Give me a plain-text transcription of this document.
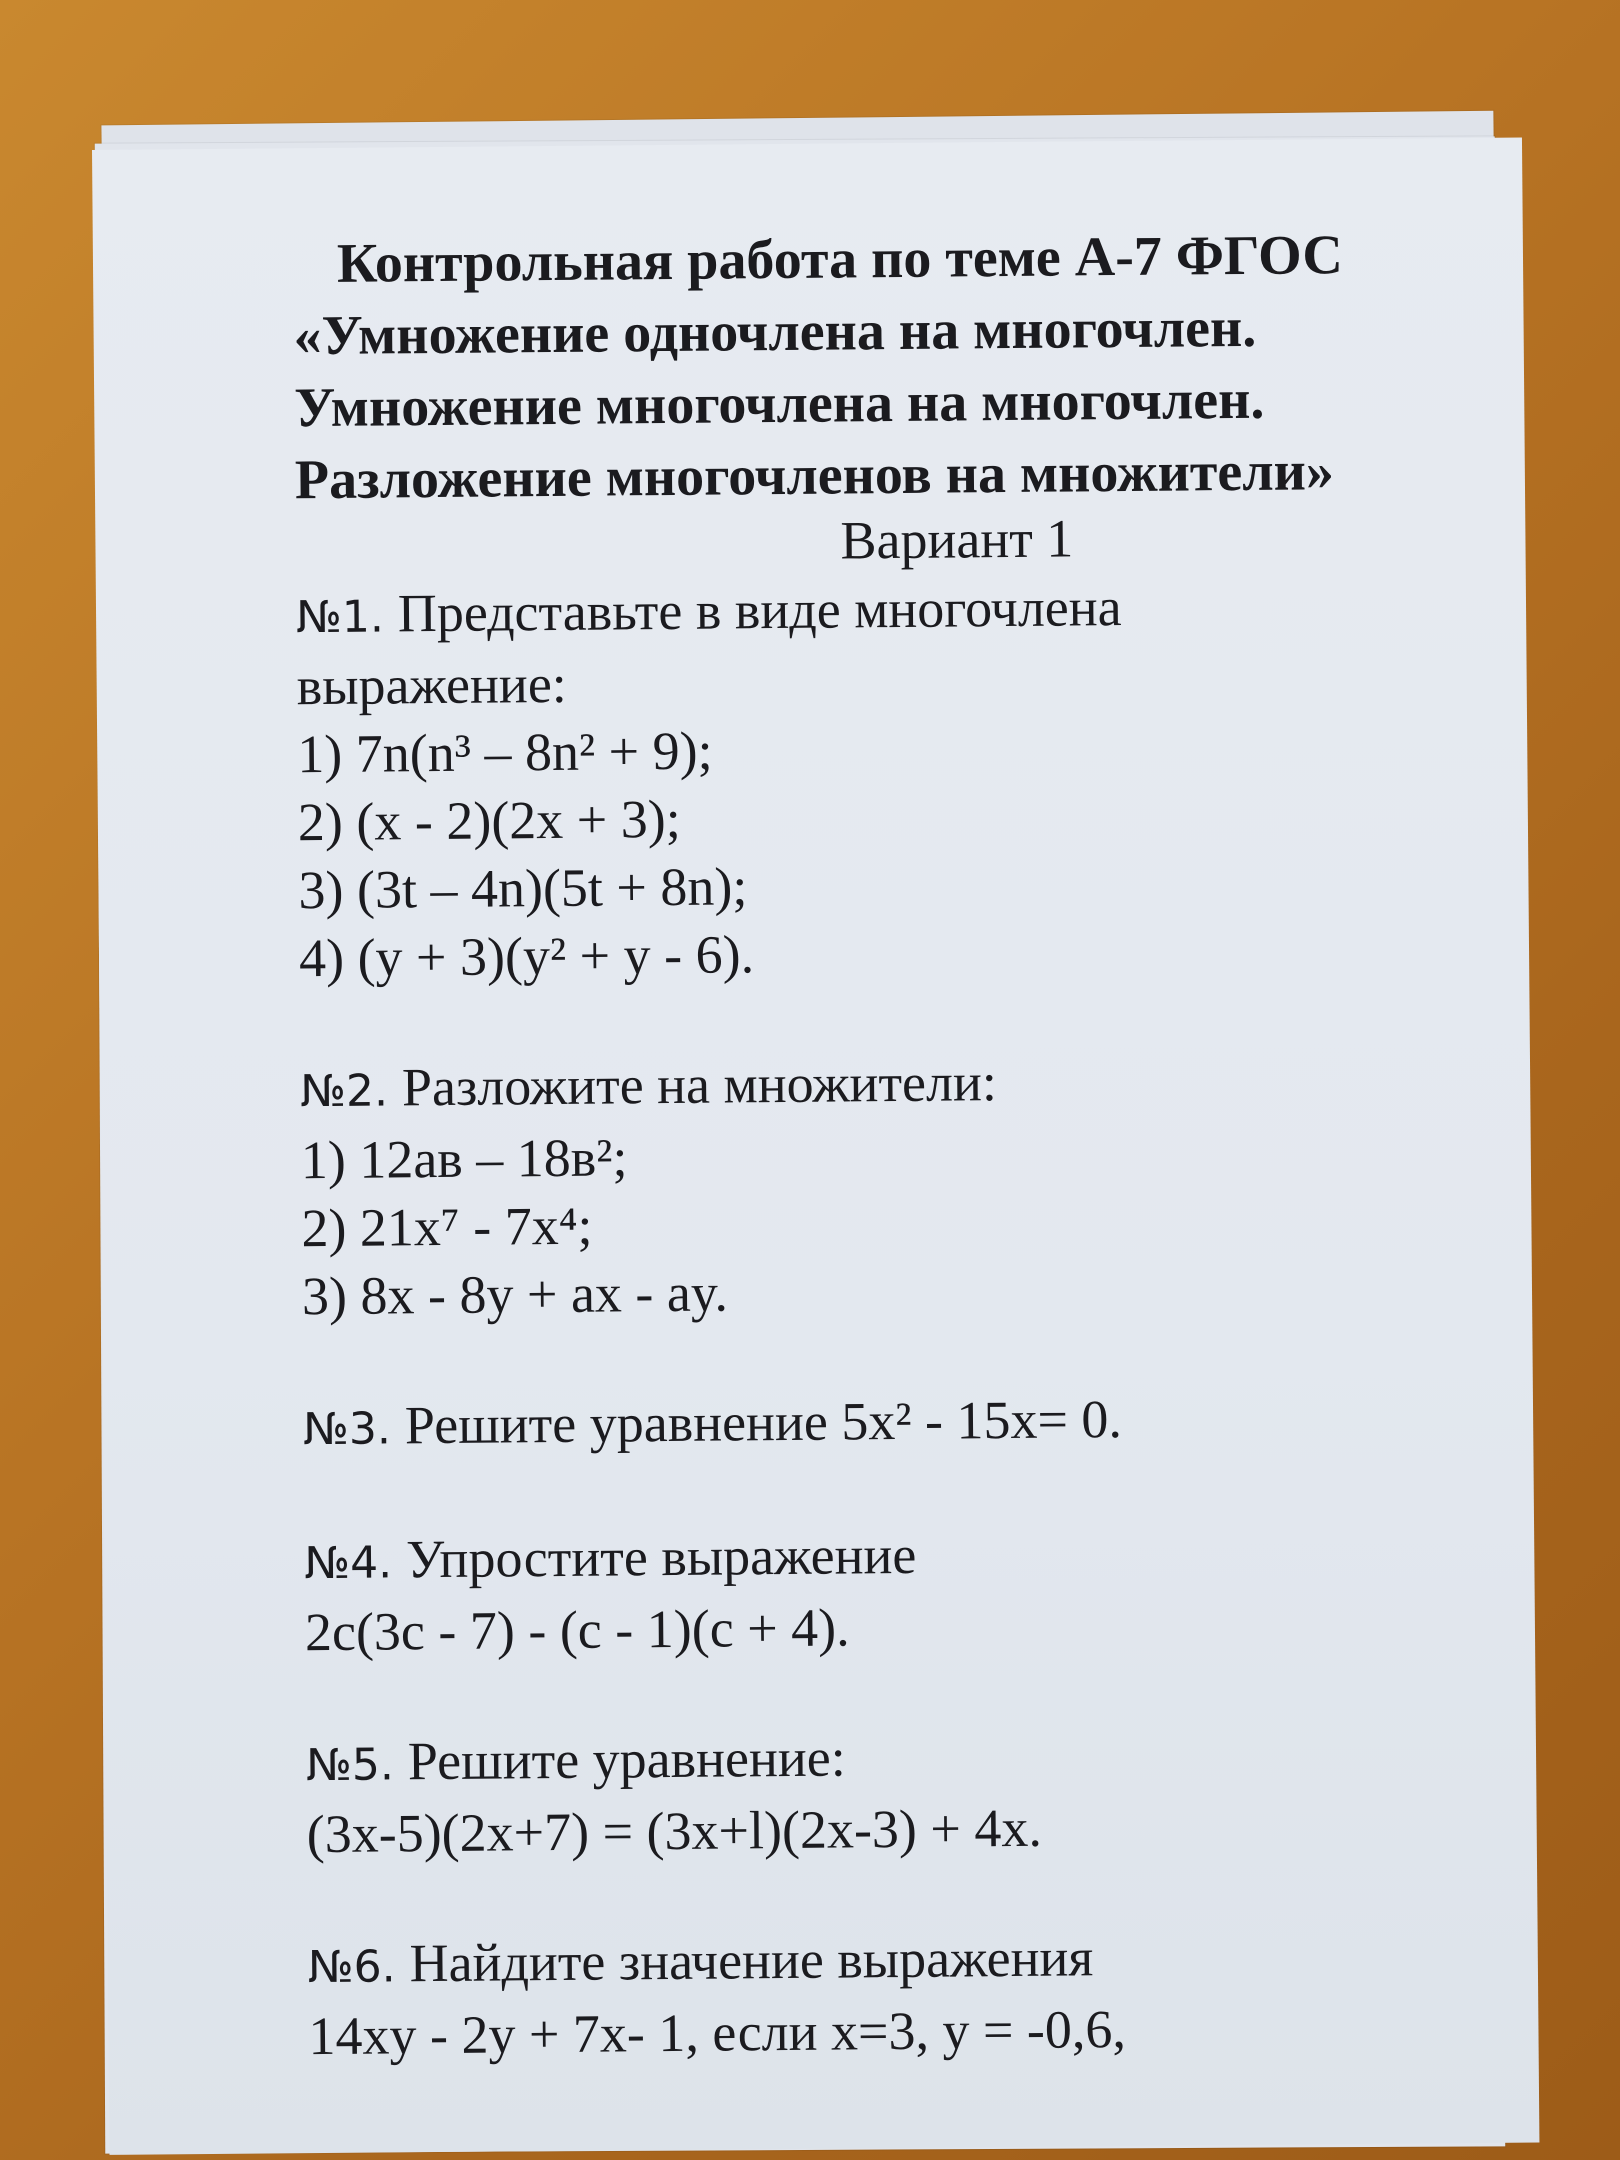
Контрольная работа по теме А-7 ФГОС
«Умножение одночлена на многочлен.
Умножение многочлена на многочлен.
Разложение многочленов на множители»
Вариант 1
№1. Представьте в виде многочлена
выражение:
1) 7n(n³ – 8n² + 9);
2) (x - 2)(2x + 3);
3) (3t – 4n)(5t + 8n);
4) (y + 3)(y² + y - 6).
№2. Разложите на множители:
1) 12ав – 18в²;
2) 21x⁷ - 7x⁴;
3) 8x - 8y + ax - ay.
№3. Решите уравнение 5x² - 15x= 0.
№4. Упростите выражение
2c(3c - 7) - (c - 1)(c + 4).
№5. Решите уравнение:
(3x-5)(2x+7) = (3x+l)(2x-3) + 4x.
№6. Найдите значение выражения
14xy - 2y + 7x- 1, если x=3, y = -0,6,
